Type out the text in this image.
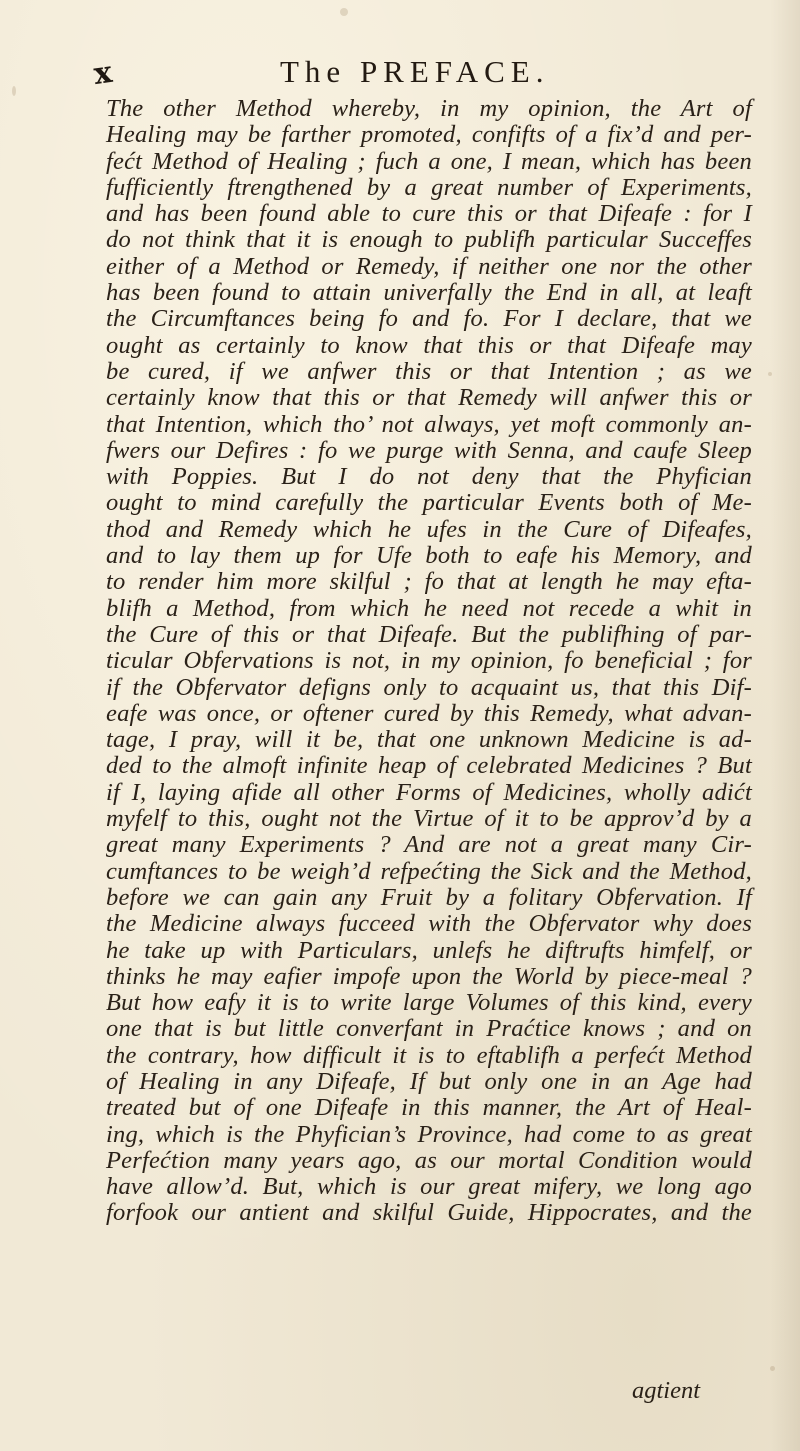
x	The PREFACE.
The other Method whereby, in my opinion, the Art of
Healing may be farther promoted, confifts of a fix’d and per-
fećt Method of Healing ; fuch a one, I mean, which has been
fufficiently ftrengthened by a great number of Experiments,
and has been found able to cure this or that Difeafe : for I
do not think that it is enough to publifh particular Succeffes
either of a Method or Remedy, if neither one nor the other
has been found to attain univerfally the End in all, at leaft
the Circumftances being fo and fo. For I declare, that we
ought as certainly to know that this or that Difeafe may
be cured, if we anfwer this or that Intention ; as we
certainly know that this or that Remedy will anfwer this or
that Intention, which tho’ not always, yet moft commonly an-
fwers our Defires : fo we purge with Senna, and caufe Sleep
with Poppies. But I do not deny that the Phyfician
ought to mind carefully the particular Events both of Me-
thod and Remedy which he ufes in the Cure of Difeafes,
and to lay them up for Ufe both to eafe his Memory, and
to render him more skilful ; fo that at length he may efta-
blifh a Method, from which he need not recede a whit in
the Cure of this or that Difeafe. But the publifhing of par-
ticular Obfervations is not, in my opinion, fo beneficial ; for
if the Obfervator defigns only to acquaint us, that this Dif-
eafe was once, or oftener cured by this Remedy, what advan-
tage, I pray, will it be, that one unknown Medicine is ad-
ded to the almoft infinite heap of celebrated Medicines ? But
if I, laying afide all other Forms of Medicines, wholly adićt
myfelf to this, ought not the Virtue of it to be approv’d by a
great many Experiments ? And are not a great many Cir-
cumftances to be weigh’d refpećting the Sick and the Method,
before we can gain any Fruit by a folitary Obfervation. If
the Medicine always fucceed with the Obfervator why does
he take up with Particulars, unlefs he diftrufts himfelf, or
thinks he may eafier impofe upon the World by piece-meal ?
But how eafy it is to write large Volumes of this kind, every
one that is but little converfant in Praćtice knows ; and on
the contrary, how difficult it is to eftablifh a perfećt Method
of Healing in any Difeafe, If but only one in an Age had
treated but of one Difeafe in this manner, the Art of Heal-
ing, which is the Phyfician’s Province, had come to as great
Perfećtion many years ago, as our mortal Condition would
have allow’d. But, which is our great mifery, we long ago
forfook our antient and skilful Guide, Hippocrates, and the
agtient
